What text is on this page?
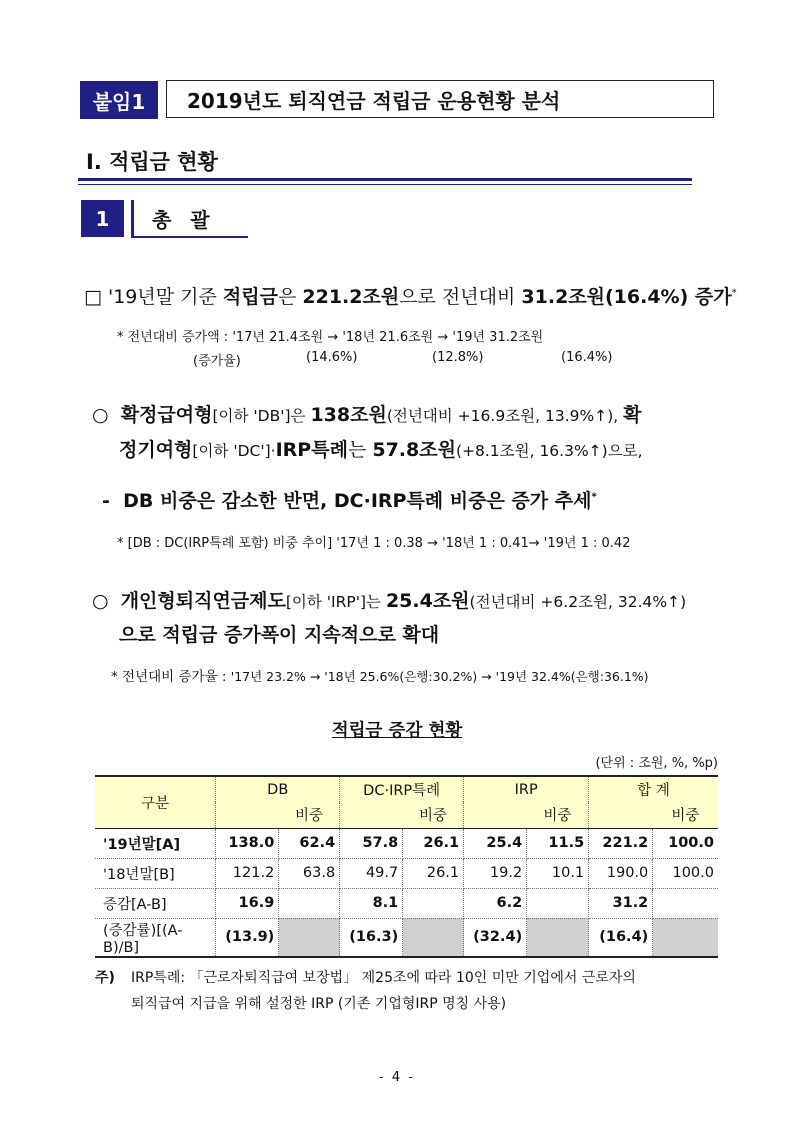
붙임1	2019년도 퇴직연금 적립금 운용현황 분석
Ⅰ. 적립금 현황
1	총 괄
□ '19년말 기준 적립금은 221.2조원으로 전년대비 31.2조원(16.4%) 증가*
* 전년대비 증가액 : '17년 21.4조원 → '18년 21.6조원 → '19년 31.2조원
(증가율)	(14.6%)	(12.8%)	(16.4%)
○ 확정급여형[이하 'DB']은 138조원(전년대비 +16.9조원, 13.9%↑), 확
정기여형[이하 'DC']·IRP특례는 57.8조원(+8.1조원, 16.3%↑)으로,
- DB 비중은 감소한 반면, DC·IRP특례 비중은 증가 추세*
* [DB : DC(IRP특례 포함) 비중 추이] '17년 1 : 0.38 → '18년 1 : 0.41→ '19년 1 : 0.42
○ 개인형퇴직연금제도[이하 'IRP']는 25.4조원(전년대비 +6.2조원, 32.4%↑)
으로 적립금 증가폭이 지속적으로 확대
* 전년대비 증가율 : '17년 23.2% → '18년 25.6%(은행:30.2%) → '19년 32.4%(은행:36.1%)
적립금 증감 현황
(단위 : 조원, %, %p)
구분	DB		DC·IRP특례		IRP		합 계	
		비중		비중		비중		비중
'19년말[A]	138.0	62.4	57.8	26.1	25.4	11.5	221.2	100.0
'18년말[B]	121.2	63.8	49.7	26.1	19.2	10.1	190.0	100.0
증감[A-B]	16.9		8.1		6.2		31.2	
(증감률)[(A-B)/B]	(13.9)		(16.3)		(32.4)		(16.4)	
주) IRP특례: 「근로자퇴직급여 보장법」 제25조에 따라 10인 미만 기업에서 근로자의
퇴직급여 지급을 위해 설정한 IRP (기존 기업형IRP 명칭 사용)
- 4 -
